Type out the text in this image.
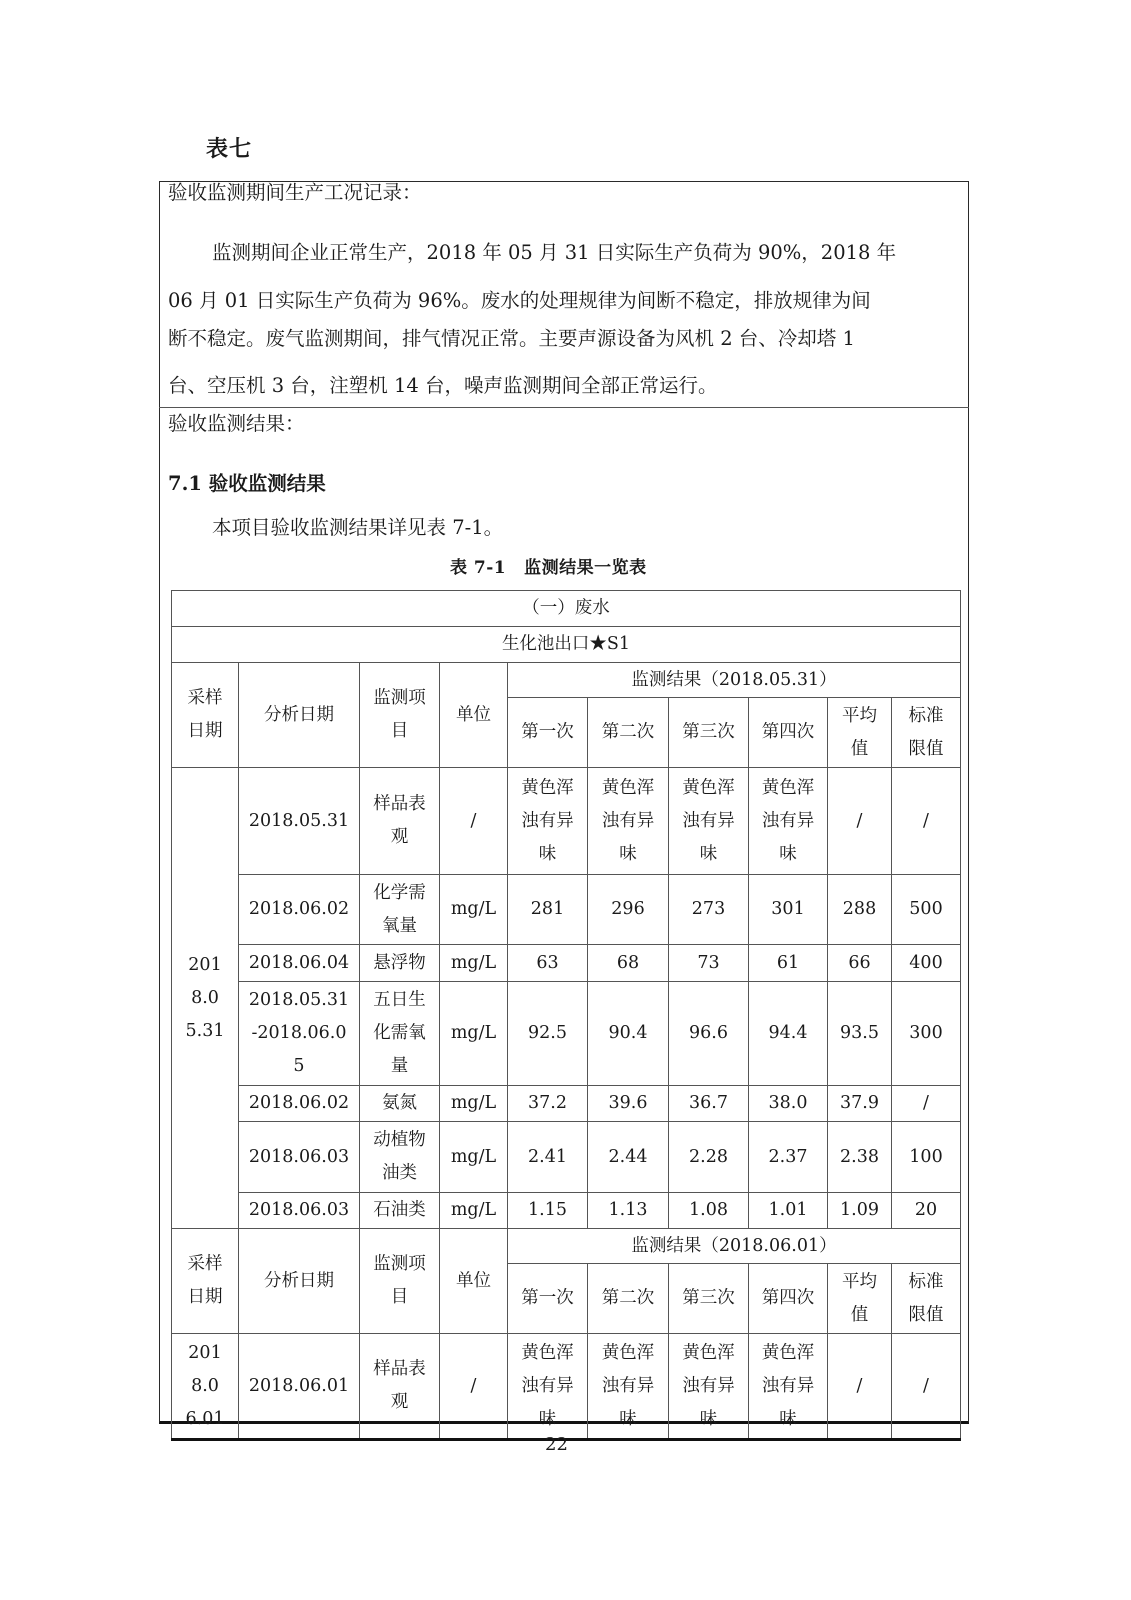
表七
验收监测期间生产工况记录：
监测期间企业正常生产，2018 年 05 月 31 日实际生产负荷为 90%，2018 年
06 月 01 日实际生产负荷为 96%。废水的处理规律为间断不稳定，排放规律为间
断不稳定。废气监测期间，排气情况正常。主要声源设备为风机 2 台、冷却塔 1
台、空压机 3 台，注塑机 14 台，噪声监测期间全部正常运行。
验收监测结果：
7.1 验收监测结果
本项目验收监测结果详见表 7-1。
表 7-1 监测结果一览表
（一）废水									
生化池出口★S1									
采样日期	分析日期	监测项目	单位	监测结果（2018.05.31）					
				第一次	第二次	第三次	第四次	平均值	标准限值
2018.05.31	2018.05.31	样品表观	/	黄色浑浊有异味	黄色浑浊有异味	黄色浑浊有异味	黄色浑浊有异味	/	/
	2018.06.02	化学需氧量	mg/L	281	296	273	301	288	500
	2018.06.04	悬浮物	mg/L	63	68	73	61	66	400
	2018.05.31-2018.06.05	五日生化需氧量	mg/L	92.5	90.4	96.6	94.4	93.5	300
	2018.06.02	氨氮	mg/L	37.2	39.6	36.7	38.0	37.9	/
	2018.06.03	动植物油类	mg/L	2.41	2.44	2.28	2.37	2.38	100
	2018.06.03	石油类	mg/L	1.15	1.13	1.08	1.01	1.09	20
采样日期	分析日期	监测项目	单位	监测结果（2018.06.01）					
				第一次	第二次	第三次	第四次	平均值	标准限值
2018.06.01	2018.06.01	样品表观	/	黄色浑浊有异味	黄色浑浊有异味	黄色浑浊有异味	黄色浑浊有异味	/	/
22
